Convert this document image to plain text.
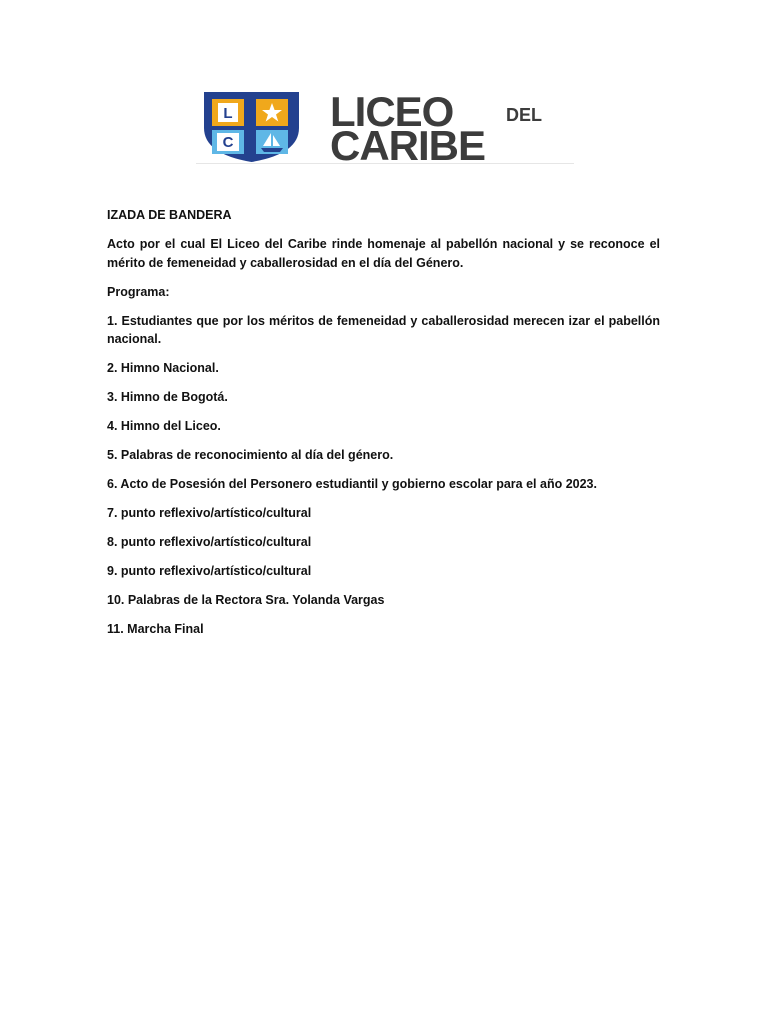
L
C
LICEO	DEL
CARIBE

IZADA DE BANDERA

Acto por el cual El Liceo del Caribe rinde homenaje al pabellón nacional y se reconoce el mérito de femeneidad y caballerosidad en el día del Género.

Programa:

1. Estudiantes que por los méritos de femeneidad y caballerosidad merecen izar el pabellón nacional.

2. Himno Nacional.

3. Himno de Bogotá.

4. Himno del Liceo.

5. Palabras de reconocimiento al día del género.

6. Acto de Posesión del Personero estudiantil y gobierno escolar para el año 2023.

7. punto reflexivo/artístico/cultural

8. punto reflexivo/artístico/cultural

9. punto reflexivo/artístico/cultural

10. Palabras de la Rectora Sra. Yolanda Vargas

11. Marcha Final
